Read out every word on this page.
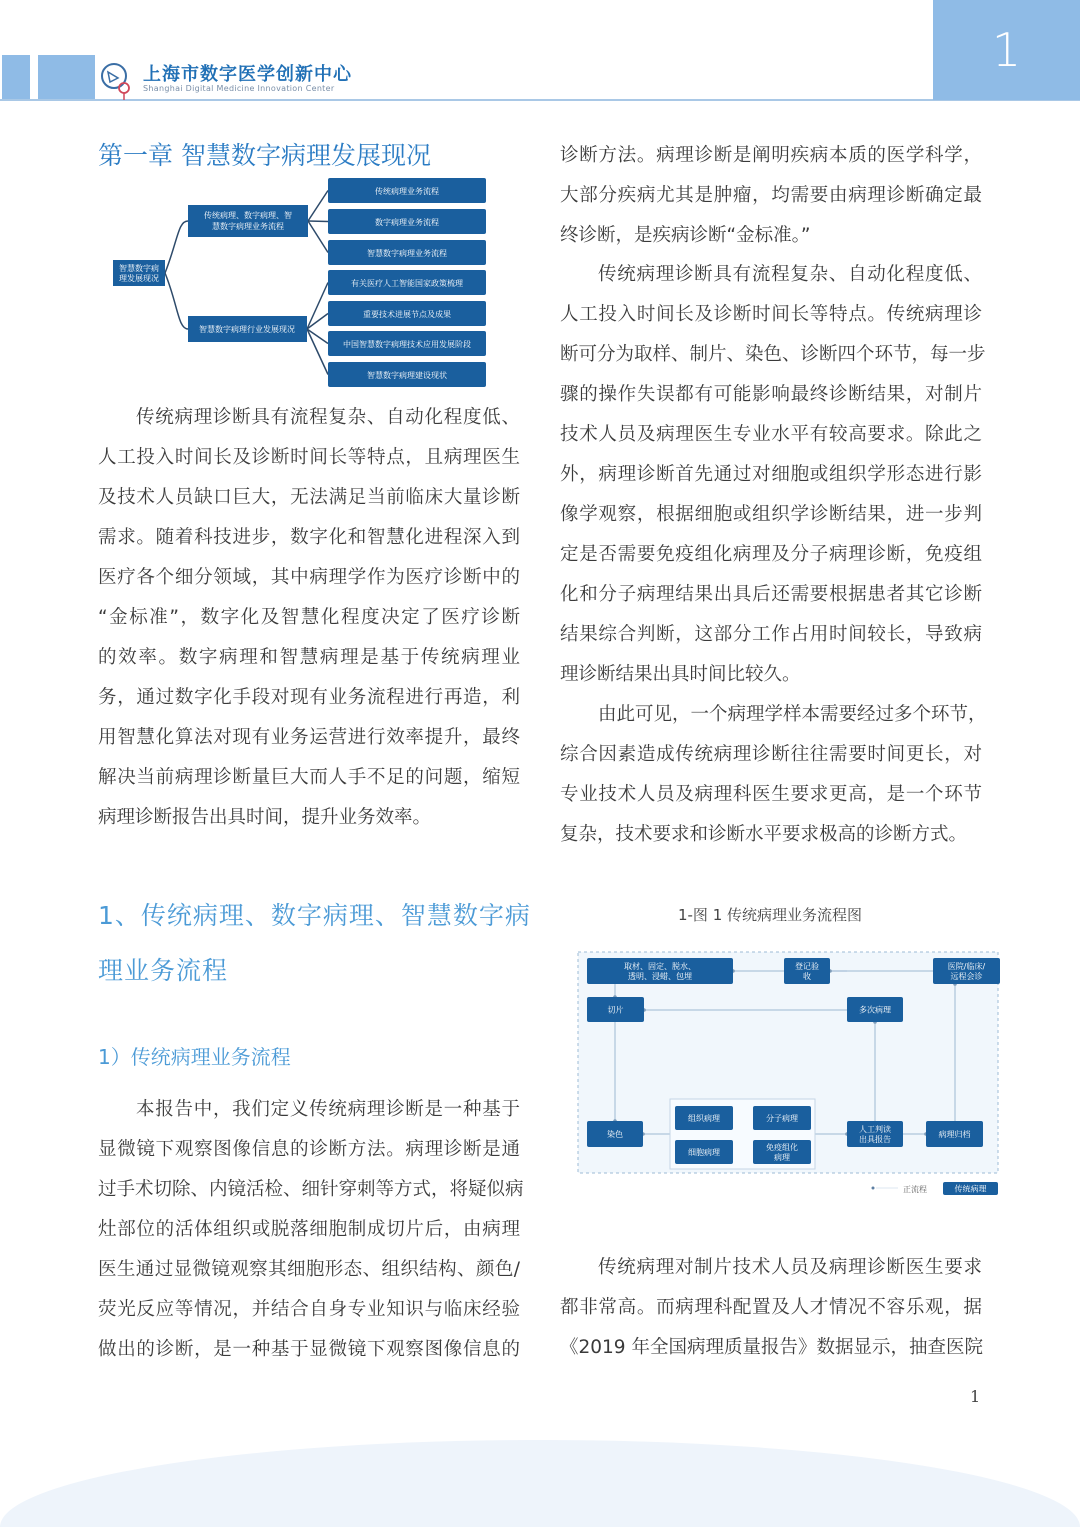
上海市数字医学创新中心
Shanghai Digital Medicine Innovation Center
1
第一章 智慧数字病理发展现况
智慧数字病
理发展现况
传统病理、数字病理、智
慧数字病理业务流程
智慧数字病理行业发展现况
传统病理业务流程
数字病理业务流程
智慧数字病理业务流程
有关医疗人工智能国家政策梳理
重要技术进展节点及成果
中国智慧数字病理技术应用发展阶段
智慧数字病理建设现状
传统病理诊断具有流程复杂、自动化程度低、
人工投入时间长及诊断时间长等特点，且病理医生
及技术人员缺口巨大，无法满足当前临床大量诊断
需求。随着科技进步，数字化和智慧化进程深入到
医疗各个细分领域，其中病理学作为医疗诊断中的
“金标准”，数字化及智慧化程度决定了医疗诊断
的效率。数字病理和智慧病理是基于传统病理业
务，通过数字化手段对现有业务流程进行再造，利
用智慧化算法对现有业务运营进行效率提升，最终
解决当前病理诊断量巨大而人手不足的问题，缩短
病理诊断报告出具时间，提升业务效率。
1、传统病理、数字病理、智慧数字病
理业务流程
1）传统病理业务流程
本报告中，我们定义传统病理诊断是一种基于
显微镜下观察图像信息的诊断方法。病理诊断是通
过手术切除、内镜活检、细针穿刺等方式，将疑似病
灶部位的活体组织或脱落细胞制成切片后，由病理
医生通过显微镜观察其细胞形态、组织结构、颜色/
荧光反应等情况，并结合自身专业知识与临床经验
做出的诊断，是一种基于显微镜下观察图像信息的
诊断方法。病理诊断是阐明疾病本质的医学科学，
大部分疾病尤其是肿瘤，均需要由病理诊断确定最
终诊断，是疾病诊断“金标准。”
传统病理诊断具有流程复杂、自动化程度低、
人工投入时间长及诊断时间长等特点。传统病理诊
断可分为取样、制片、染色、诊断四个环节，每一步
骤的操作失误都有可能影响最终诊断结果，对制片
技术人员及病理医生专业水平有较高要求。除此之
外，病理诊断首先通过对细胞或组织学形态进行影
像学观察，根据细胞或组织学诊断结果，进一步判
定是否需要免疫组化病理及分子病理诊断，免疫组
化和分子病理结果出具后还需要根据患者其它诊断
结果综合判断，这部分工作占用时间较长，导致病
理诊断结果出具时间比较久。
由此可见，一个病理学样本需要经过多个环节，
综合因素造成传统病理诊断往往需要时间更长，对
专业技术人员及病理科医生要求更高，是一个环节
复杂，技术要求和诊断水平要求极高的诊断方式。
1-图 1 传统病理业务流程图
取材、固定、脱水、
透明、浸蜡、包埋
登记验
收
医院/临床/
远程会诊
切片	多次病理
染色
组织病理
细胞病理
分子病理
免疫组化
病理
人工判读
出具报告
病理归档
正流程	传统病理
传统病理对制片技术人员及病理诊断医生要求
都非常高。而病理科配置及人才情况不容乐观，据
《2019 年全国病理质量报告》数据显示，抽查医院
1
